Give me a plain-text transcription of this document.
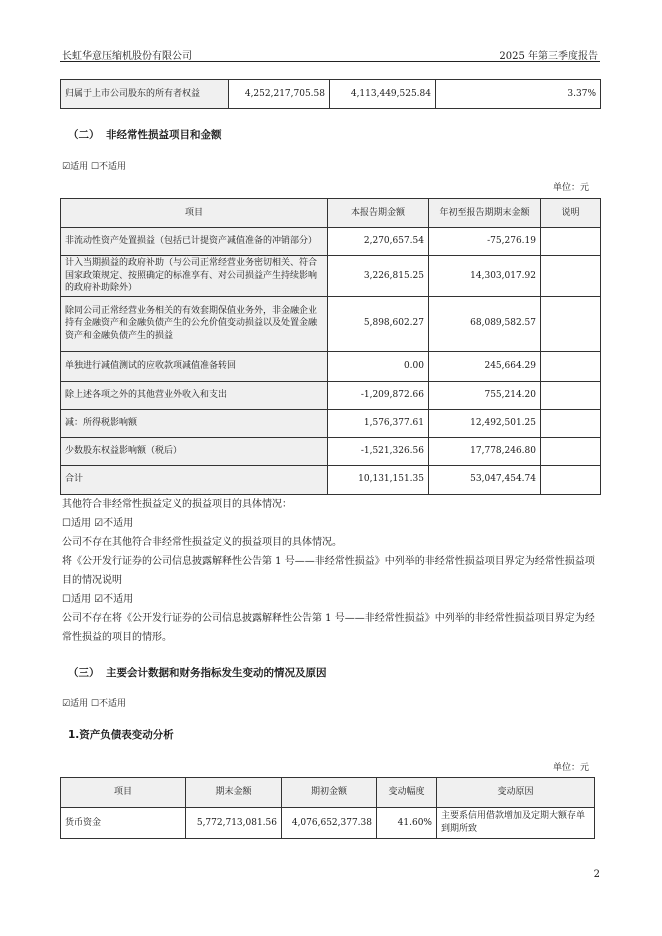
长虹华意压缩机股份有限公司	2025 年第三季度报告
归属于上市公司股东的所有者权益	4,252,217,705.58	4,113,449,525.84	3.37%
（二） 非经常性损益项目和金额
☑适用 ☐不适用
单位：元
项目	本报告期金额	年初至报告期期末金额	说明
非流动性资产处置损益（包括已计提资产减值准备的冲销部分）	2,270,657.54	-75,276.19	
计入当期损益的政府补助（与公司正常经营业务密切相关、符合国家政策规定、按照确定的标准享有、对公司损益产生持续影响的政府补助除外）	3,226,815.25	14,303,017.92	
除同公司正常经营业务相关的有效套期保值业务外，非金融企业持有金融资产和金融负债产生的公允价值变动损益以及处置金融资产和金融负债产生的损益	5,898,602.27	68,089,582.57	
单独进行减值测试的应收款项减值准备转回	0.00	245,664.29	
除上述各项之外的其他营业外收入和支出	-1,209,872.66	755,214.20	
减：所得税影响额	1,576,377.61	12,492,501.25	
少数股东权益影响额（税后）	-1,521,326.56	17,778,246.80	
合计	10,131,151.35	53,047,454.74	
其他符合非经常性损益定义的损益项目的具体情况：
☐适用 ☑不适用
公司不存在其他符合非经常性损益定义的损益项目的具体情况。
将《公开发行证券的公司信息披露解释性公告第 1 号——非经常性损益》中列举的非经常性损益项目界定为经常性损益项目的情况说明
☐适用 ☑不适用
公司不存在将《公开发行证券的公司信息披露解释性公告第 1 号——非经常性损益》中列举的非经常性损益项目界定为经常性损益的项目的情形。
（三） 主要会计数据和财务指标发生变动的情况及原因
☑适用 ☐不适用
1.资产负债表变动分析
单位：元
项目	期末金额	期初金额	变动幅度	变动原因
货币资金	5,772,713,081.56	4,076,652,377.38	41.60%	主要系信用借款增加及定期大额存单到期所致
2
